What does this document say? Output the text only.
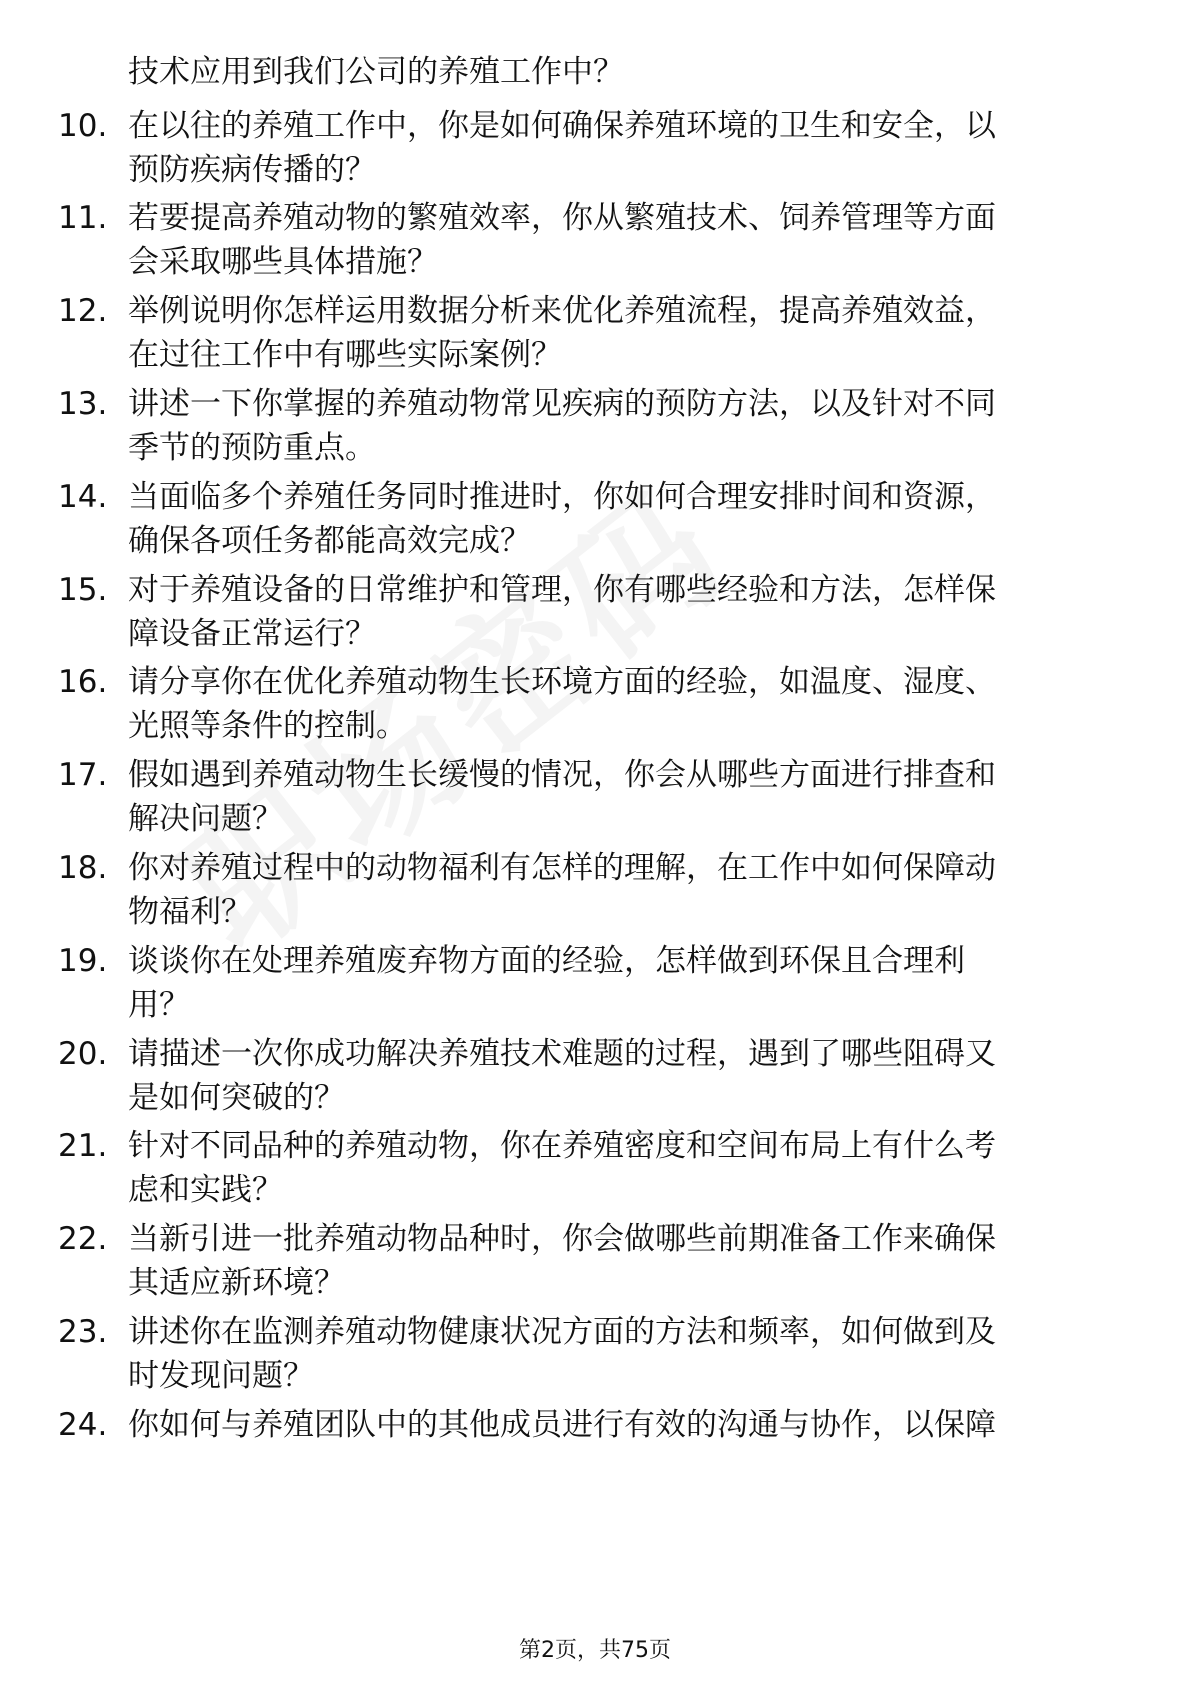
技术应用到我们公司的养殖工作中？
10. 在以往的养殖工作中，你是如何确保养殖环境的卫生和安全，以
预防疾病传播的？
11. 若要提高养殖动物的繁殖效率，你从繁殖技术、饲养管理等方面
会采取哪些具体措施？
12. 举例说明你怎样运用数据分析来优化养殖流程，提高养殖效益，
在过往工作中有哪些实际案例？
13. 讲述一下你掌握的养殖动物常见疾病的预防方法，以及针对不同
季节的预防重点。
14. 当面临多个养殖任务同时推进时，你如何合理安排时间和资源，
确保各项任务都能高效完成？
15. 对于养殖设备的日常维护和管理，你有哪些经验和方法，怎样保
障设备正常运行？
16. 请分享你在优化养殖动物生长环境方面的经验，如温度、湿度、
光照等条件的控制。
17. 假如遇到养殖动物生长缓慢的情况，你会从哪些方面进行排查和
解决问题？
18. 你对养殖过程中的动物福利有怎样的理解，在工作中如何保障动
物福利？
19. 谈谈你在处理养殖废弃物方面的经验，怎样做到环保且合理利
用？
20. 请描述一次你成功解决养殖技术难题的过程，遇到了哪些阻碍又
是如何突破的？
21. 针对不同品种的养殖动物，你在养殖密度和空间布局上有什么考
虑和实践？
22. 当新引进一批养殖动物品种时，你会做哪些前期准备工作来确保
其适应新环境？
23. 讲述你在监测养殖动物健康状况方面的方法和频率，如何做到及
时发现问题？
24. 你如何与养殖团队中的其他成员进行有效的沟通与协作，以保障
第2页，共75页
